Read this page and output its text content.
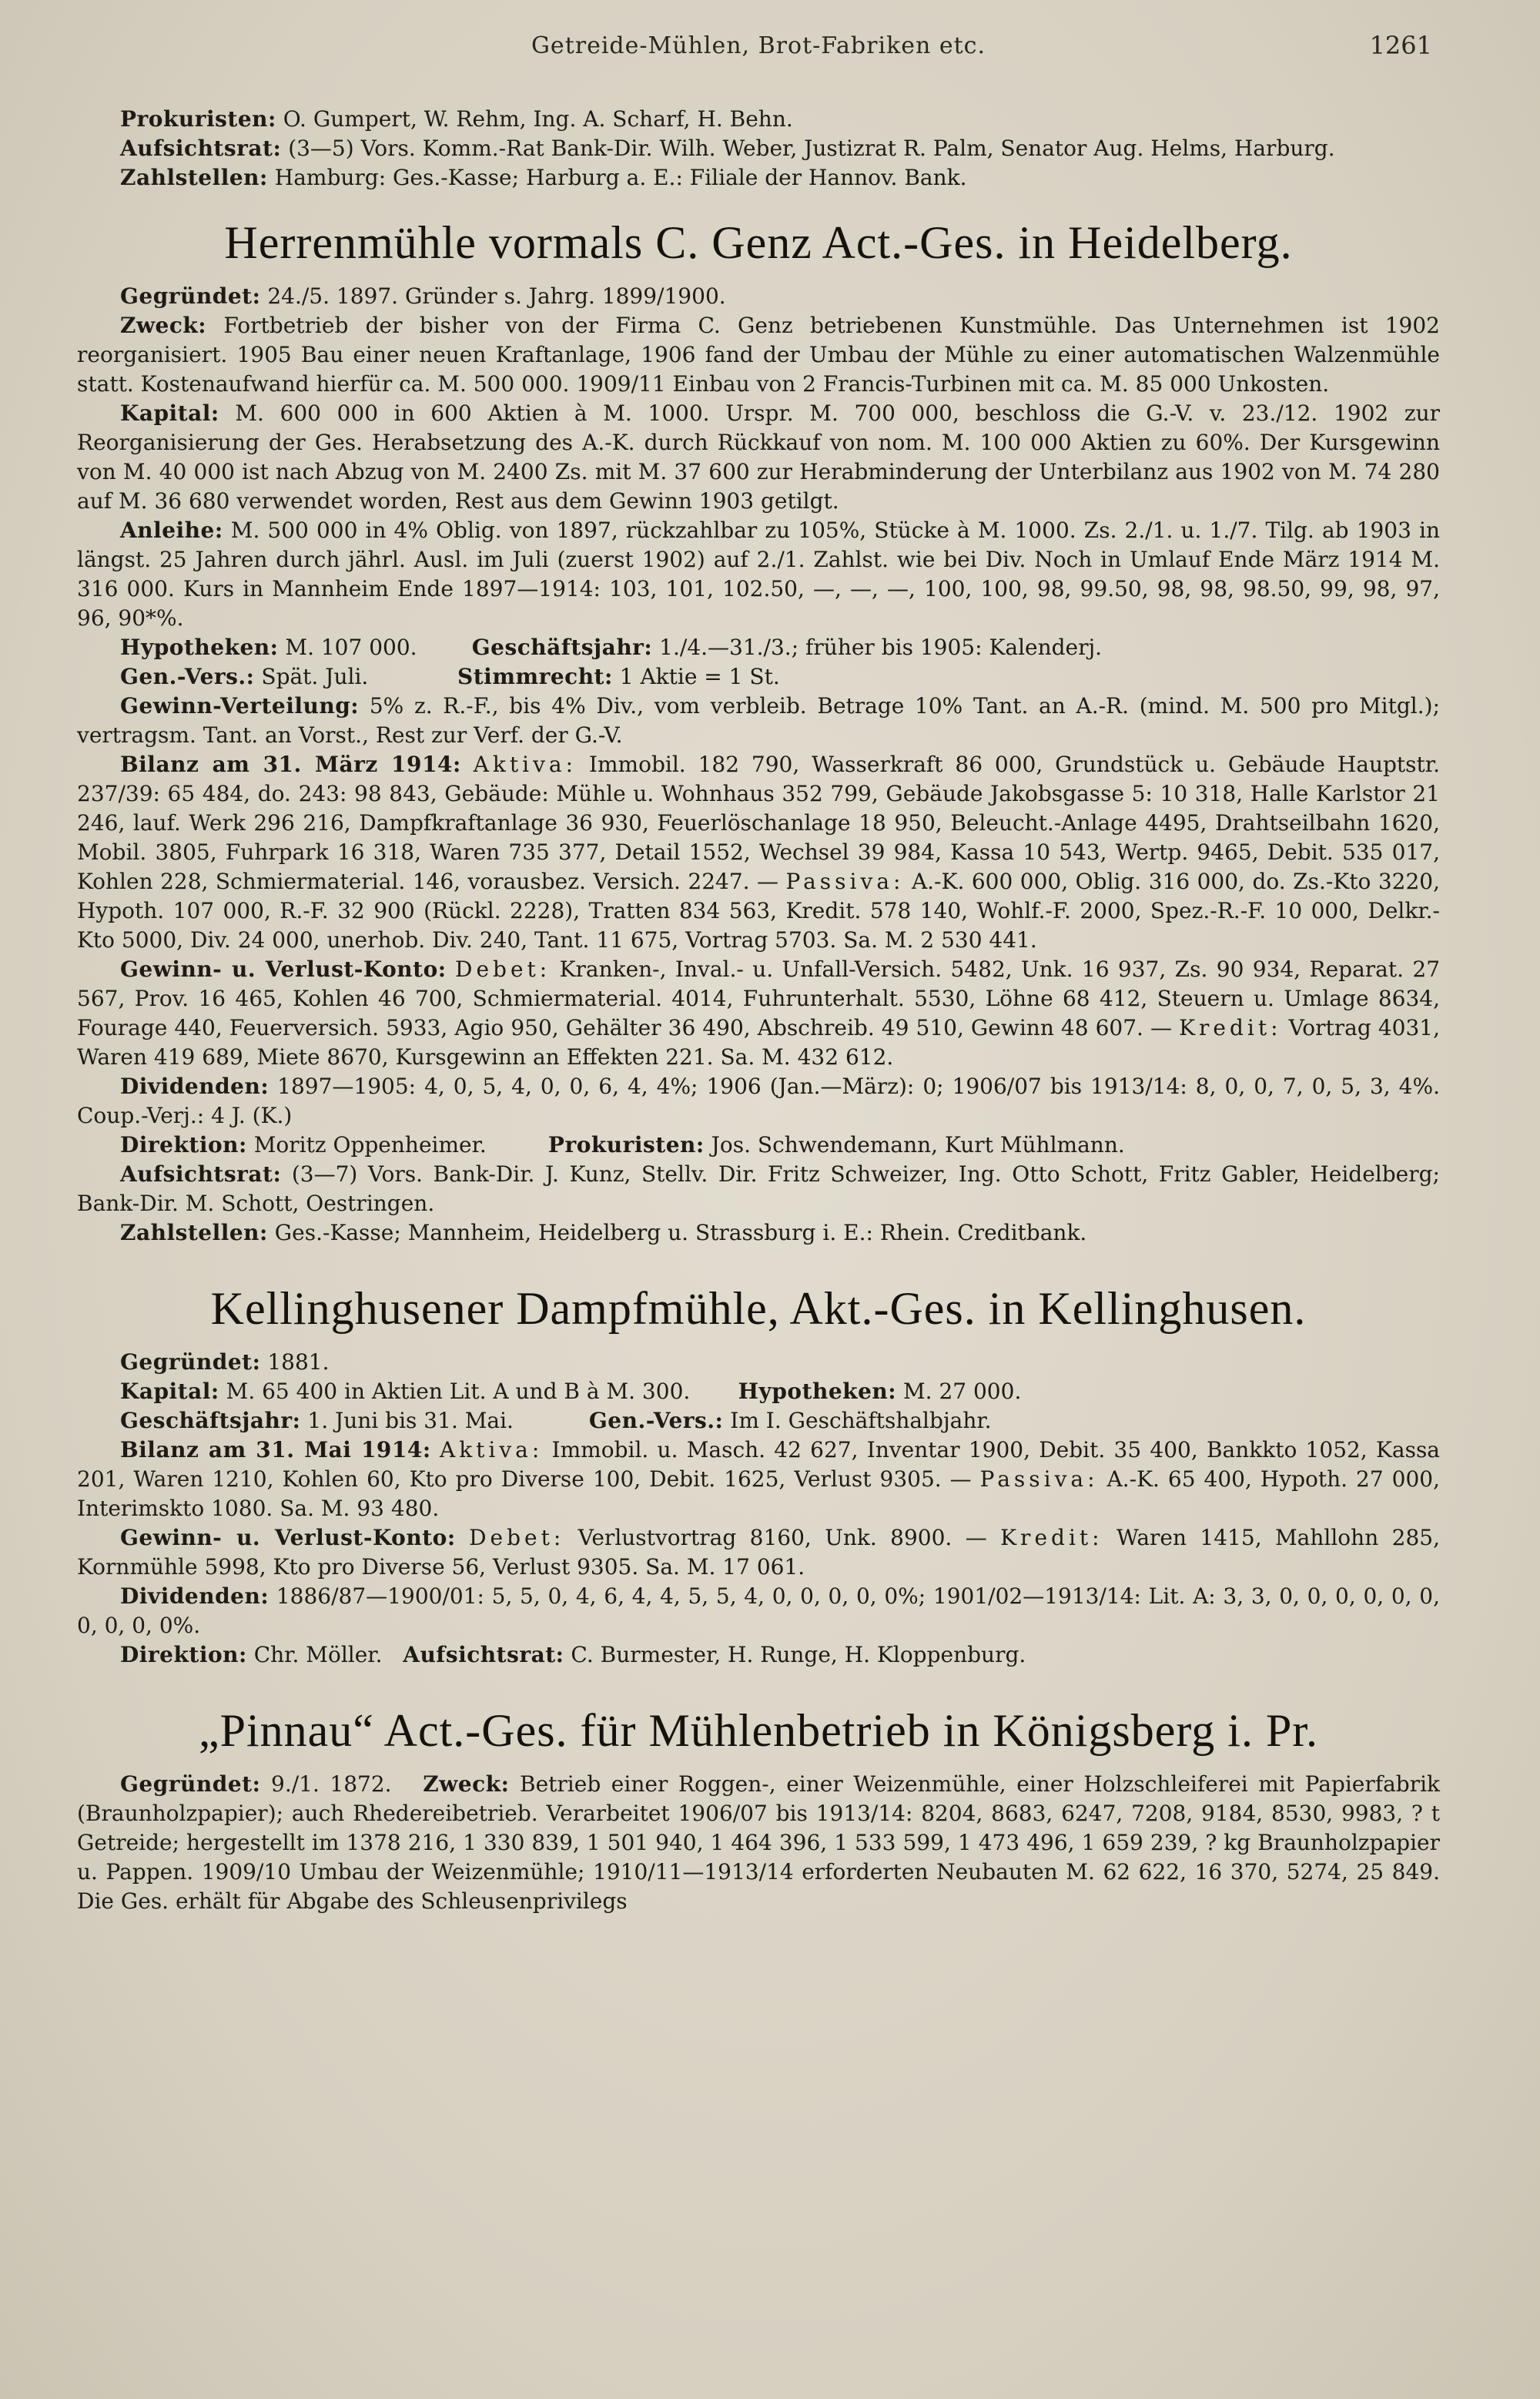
Getreide-Mühlen, Brot-Fabriken etc.	1261

Prokuristen: O. Gumpert, W. Rehm, Ing. A. Scharf, H. Behn.

Aufsichtsrat: (3—5) Vors. Komm.-Rat Bank-Dir. Wilh. Weber, Justizrat R. Palm, Senator Aug. Helms, Harburg.

Zahlstellen: Hamburg: Ges.-Kasse; Harburg a. E.: Filiale der Hannov. Bank.

Herrenmühle vormals C. Genz Act.-Ges. in Heidelberg.

Gegründet: 24./5. 1897. Gründer s. Jahrg. 1899/1900.

Zweck: Fortbetrieb der bisher von der Firma C. Genz betriebenen Kunstmühle. Das Unternehmen ist 1902 reorganisiert. 1905 Bau einer neuen Kraftanlage, 1906 fand der Umbau der Mühle zu einer automatischen Walzenmühle statt. Kostenaufwand hierfür ca. M. 500 000. 1909/11 Einbau von 2 Francis-Turbinen mit ca. M. 85 000 Unkosten.

Kapital: M. 600 000 in 600 Aktien à M. 1000. Urspr. M. 700 000, beschloss die G.-V. v. 23./12. 1902 zur Reorganisierung der Ges. Herabsetzung des A.-K. durch Rückkauf von nom. M. 100 000 Aktien zu 60%. Der Kursgewinn von M. 40 000 ist nach Abzug von M. 2400 Zs. mit M. 37 600 zur Herabminderung der Unterbilanz aus 1902 von M. 74 280 auf M. 36 680 verwendet worden, Rest aus dem Gewinn 1903 getilgt.

Anleihe: M. 500 000 in 4% Oblig. von 1897, rückzahlbar zu 105%, Stücke à M. 1000. Zs. 2./1. u. 1./7. Tilg. ab 1903 in längst. 25 Jahren durch jährl. Ausl. im Juli (zuerst 1902) auf 2./1. Zahlst. wie bei Div. Noch in Umlauf Ende März 1914 M. 316 000. Kurs in Mannheim Ende 1897—1914: 103, 101, 102.50, —, —, —, 100, 100, 98, 99.50, 98, 98, 98.50, 99, 98, 97, 96, 90*%.

Hypotheken: M. 107 000.	Geschäftsjahr: 1./4.—31./3.; früher bis 1905: Kalenderj.

Gen.-Vers.: Spät. Juli.	Stimmrecht: 1 Aktie = 1 St.

Gewinn-Verteilung: 5% z. R.-F., bis 4% Div., vom verbleib. Betrage 10% Tant. an A.-R. (mind. M. 500 pro Mitgl.); vertragsm. Tant. an Vorst., Rest zur Verf. der G.-V.

Bilanz am 31. März 1914: Aktiva: Immobil. 182 790, Wasserkraft 86 000, Grundstück u. Gebäude Hauptstr. 237/39: 65 484, do. 243: 98 843, Gebäude: Mühle u. Wohnhaus 352 799, Gebäude Jakobsgasse 5: 10 318, Halle Karlstor 21 246, lauf. Werk 296 216, Dampfkraftanlage 36 930, Feuerlöschanlage 18 950, Beleucht.-Anlage 4495, Drahtseilbahn 1620, Mobil. 3805, Fuhrpark 16 318, Waren 735 377, Detail 1552, Wechsel 39 984, Kassa 10 543, Wertp. 9465, Debit. 535 017, Kohlen 228, Schmiermaterial. 146, vorausbez. Versich. 2247. — Passiva: A.-K. 600 000, Oblig. 316 000, do. Zs.-Kto 3220, Hypoth. 107 000, R.-F. 32 900 (Rückl. 2228), Tratten 834 563, Kredit. 578 140, Wohlf.-F. 2000, Spez.-R.-F. 10 000, Delkr.-Kto 5000, Div. 24 000, unerhob. Div. 240, Tant. 11 675, Vortrag 5703. Sa. M. 2 530 441.

Gewinn- u. Verlust-Konto: Debet: Kranken-, Inval.- u. Unfall-Versich. 5482, Unk. 16 937, Zs. 90 934, Reparat. 27 567, Prov. 16 465, Kohlen 46 700, Schmiermaterial. 4014, Fuhrunterhalt. 5530, Löhne 68 412, Steuern u. Umlage 8634, Fourage 440, Feuerversich. 5933, Agio 950, Gehälter 36 490, Abschreib. 49 510, Gewinn 48 607. — Kredit: Vortrag 4031, Waren 419 689, Miete 8670, Kursgewinn an Effekten 221. Sa. M. 432 612.

Dividenden: 1897—1905: 4, 0, 5, 4, 0, 0, 6, 4, 4%; 1906 (Jan.—März): 0; 1906/07 bis 1913/14: 8, 0, 0, 7, 0, 5, 3, 4%. Coup.-Verj.: 4 J. (K.)

Direktion: Moritz Oppenheimer.	Prokuristen: Jos. Schwendemann, Kurt Mühlmann.

Aufsichtsrat: (3—7) Vors. Bank-Dir. J. Kunz, Stellv. Dir. Fritz Schweizer, Ing. Otto Schott, Fritz Gabler, Heidelberg; Bank-Dir. M. Schott, Oestringen.

Zahlstellen: Ges.-Kasse; Mannheim, Heidelberg u. Strassburg i. E.: Rhein. Creditbank.

Kellinghusener Dampfmühle, Akt.-Ges. in Kellinghusen.

Gegründet: 1881.

Kapital: M. 65 400 in Aktien Lit. A und B à M. 300. Hypotheken: M. 27 000.

Geschäftsjahr: 1. Juni bis 31. Mai.	Gen.-Vers.: Im I. Geschäftshalbjahr.

Bilanz am 31. Mai 1914: Aktiva: Immobil. u. Masch. 42 627, Inventar 1900, Debit. 35 400, Bankkto 1052, Kassa 201, Waren 1210, Kohlen 60, Kto pro Diverse 100, Debit. 1625, Verlust 9305. — Passiva: A.-K. 65 400, Hypoth. 27 000, Interimskto 1080. Sa. M. 93 480.

Gewinn- u. Verlust-Konto: Debet: Verlustvortrag 8160, Unk. 8900. — Kredit: Waren 1415, Mahllohn 285, Kornmühle 5998, Kto pro Diverse 56, Verlust 9305. Sa. M. 17 061.

Dividenden: 1886/87—1900/01: 5, 5, 0, 4, 6, 4, 4, 5, 5, 4, 0, 0, 0, 0, 0%; 1901/02—1913/14: Lit. A: 3, 3, 0, 0, 0, 0, 0, 0, 0, 0, 0, 0%.

Direktion: Chr. Möller. Aufsichtsrat: C. Burmester, H. Runge, H. Kloppenburg.

„Pinnau“ Act.-Ges. für Mühlenbetrieb in Königsberg i. Pr.

Gegründet: 9./1. 1872. Zweck: Betrieb einer Roggen-, einer Weizenmühle, einer Holzschleiferei mit Papierfabrik (Braunholzpapier); auch Rhedereibetrieb. Verarbeitet 1906/07 bis 1913/14: 8204, 8683, 6247, 7208, 9184, 8530, 9983, ? t Getreide; hergestellt im 1378 216, 1 330 839, 1 501 940, 1 464 396, 1 533 599, 1 473 496, 1 659 239, ? kg Braunholzpapier u. Pappen. 1909/10 Umbau der Weizenmühle; 1910/11—1913/14 erforderten Neubauten M. 62 622, 16 370, 5274, 25 849. Die Ges. erhält für Abgabe des Schleusenprivilegs
